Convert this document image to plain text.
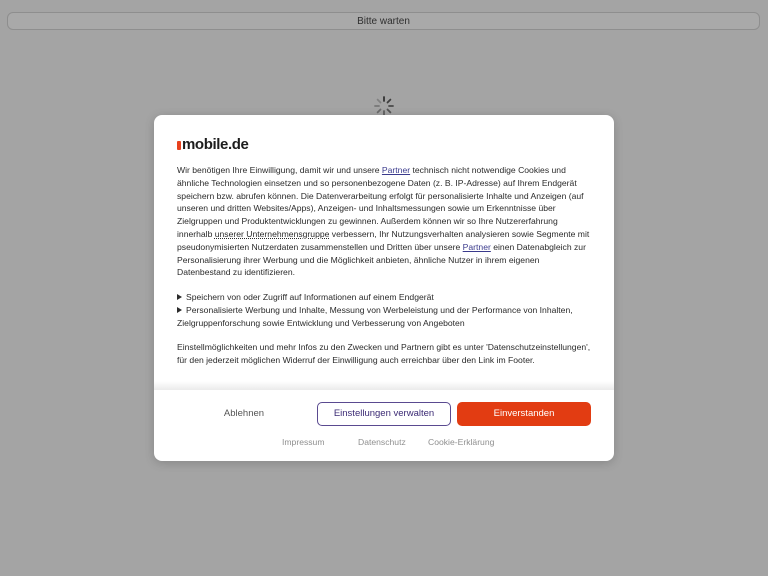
Bitte warten
mobile.de
Wir benötigen Ihre Einwilligung, damit wir und unsere Partner technisch nicht notwendige Cookies und ähnliche Technologien einsetzen und so personenbezogene Daten (z. B. IP-Adresse) auf Ihrem Endgerät speichern bzw. abrufen können. Die Datenverarbeitung erfolgt für personalisierte Inhalte und Anzeigen (auf unseren und dritten Websites/Apps), Anzeigen- und Inhaltsmessungen sowie um Erkenntnisse über Zielgruppen und Produktentwicklungen zu gewinnen. Außerdem können wir so Ihre Nutzererfahrung innerhalb unserer Unternehmensgruppe verbessern, Ihr Nutzungsverhalten analysieren sowie Segmente mit pseudonymisierten Nutzerdaten zusammenstellen und Dritten über unsere Partner einen Datenabgleich zur Personalisierung ihrer Werbung und die Möglichkeit anbieten, ähnliche Nutzer in ihrem eigenen Datenbestand zu identifizieren.
Speichern von oder Zugriff auf Informationen auf einem Endgerät
Personalisierte Werbung und Inhalte, Messung von Werbeleistung und der Performance von Inhalten, Zielgruppenforschung sowie Entwicklung und Verbesserung von Angeboten
Einstellmöglichkeiten und mehr Infos zu den Zwecken und Partnern gibt es unter 'Datenschutzeinstellungen', für den jederzeit möglichen Widerruf der Einwilligung auch erreichbar über den Link im Footer.
Ablehnen	Einstellungen verwalten	Einverstanden
Impressum	Datenschutz	Cookie-Erklärung
